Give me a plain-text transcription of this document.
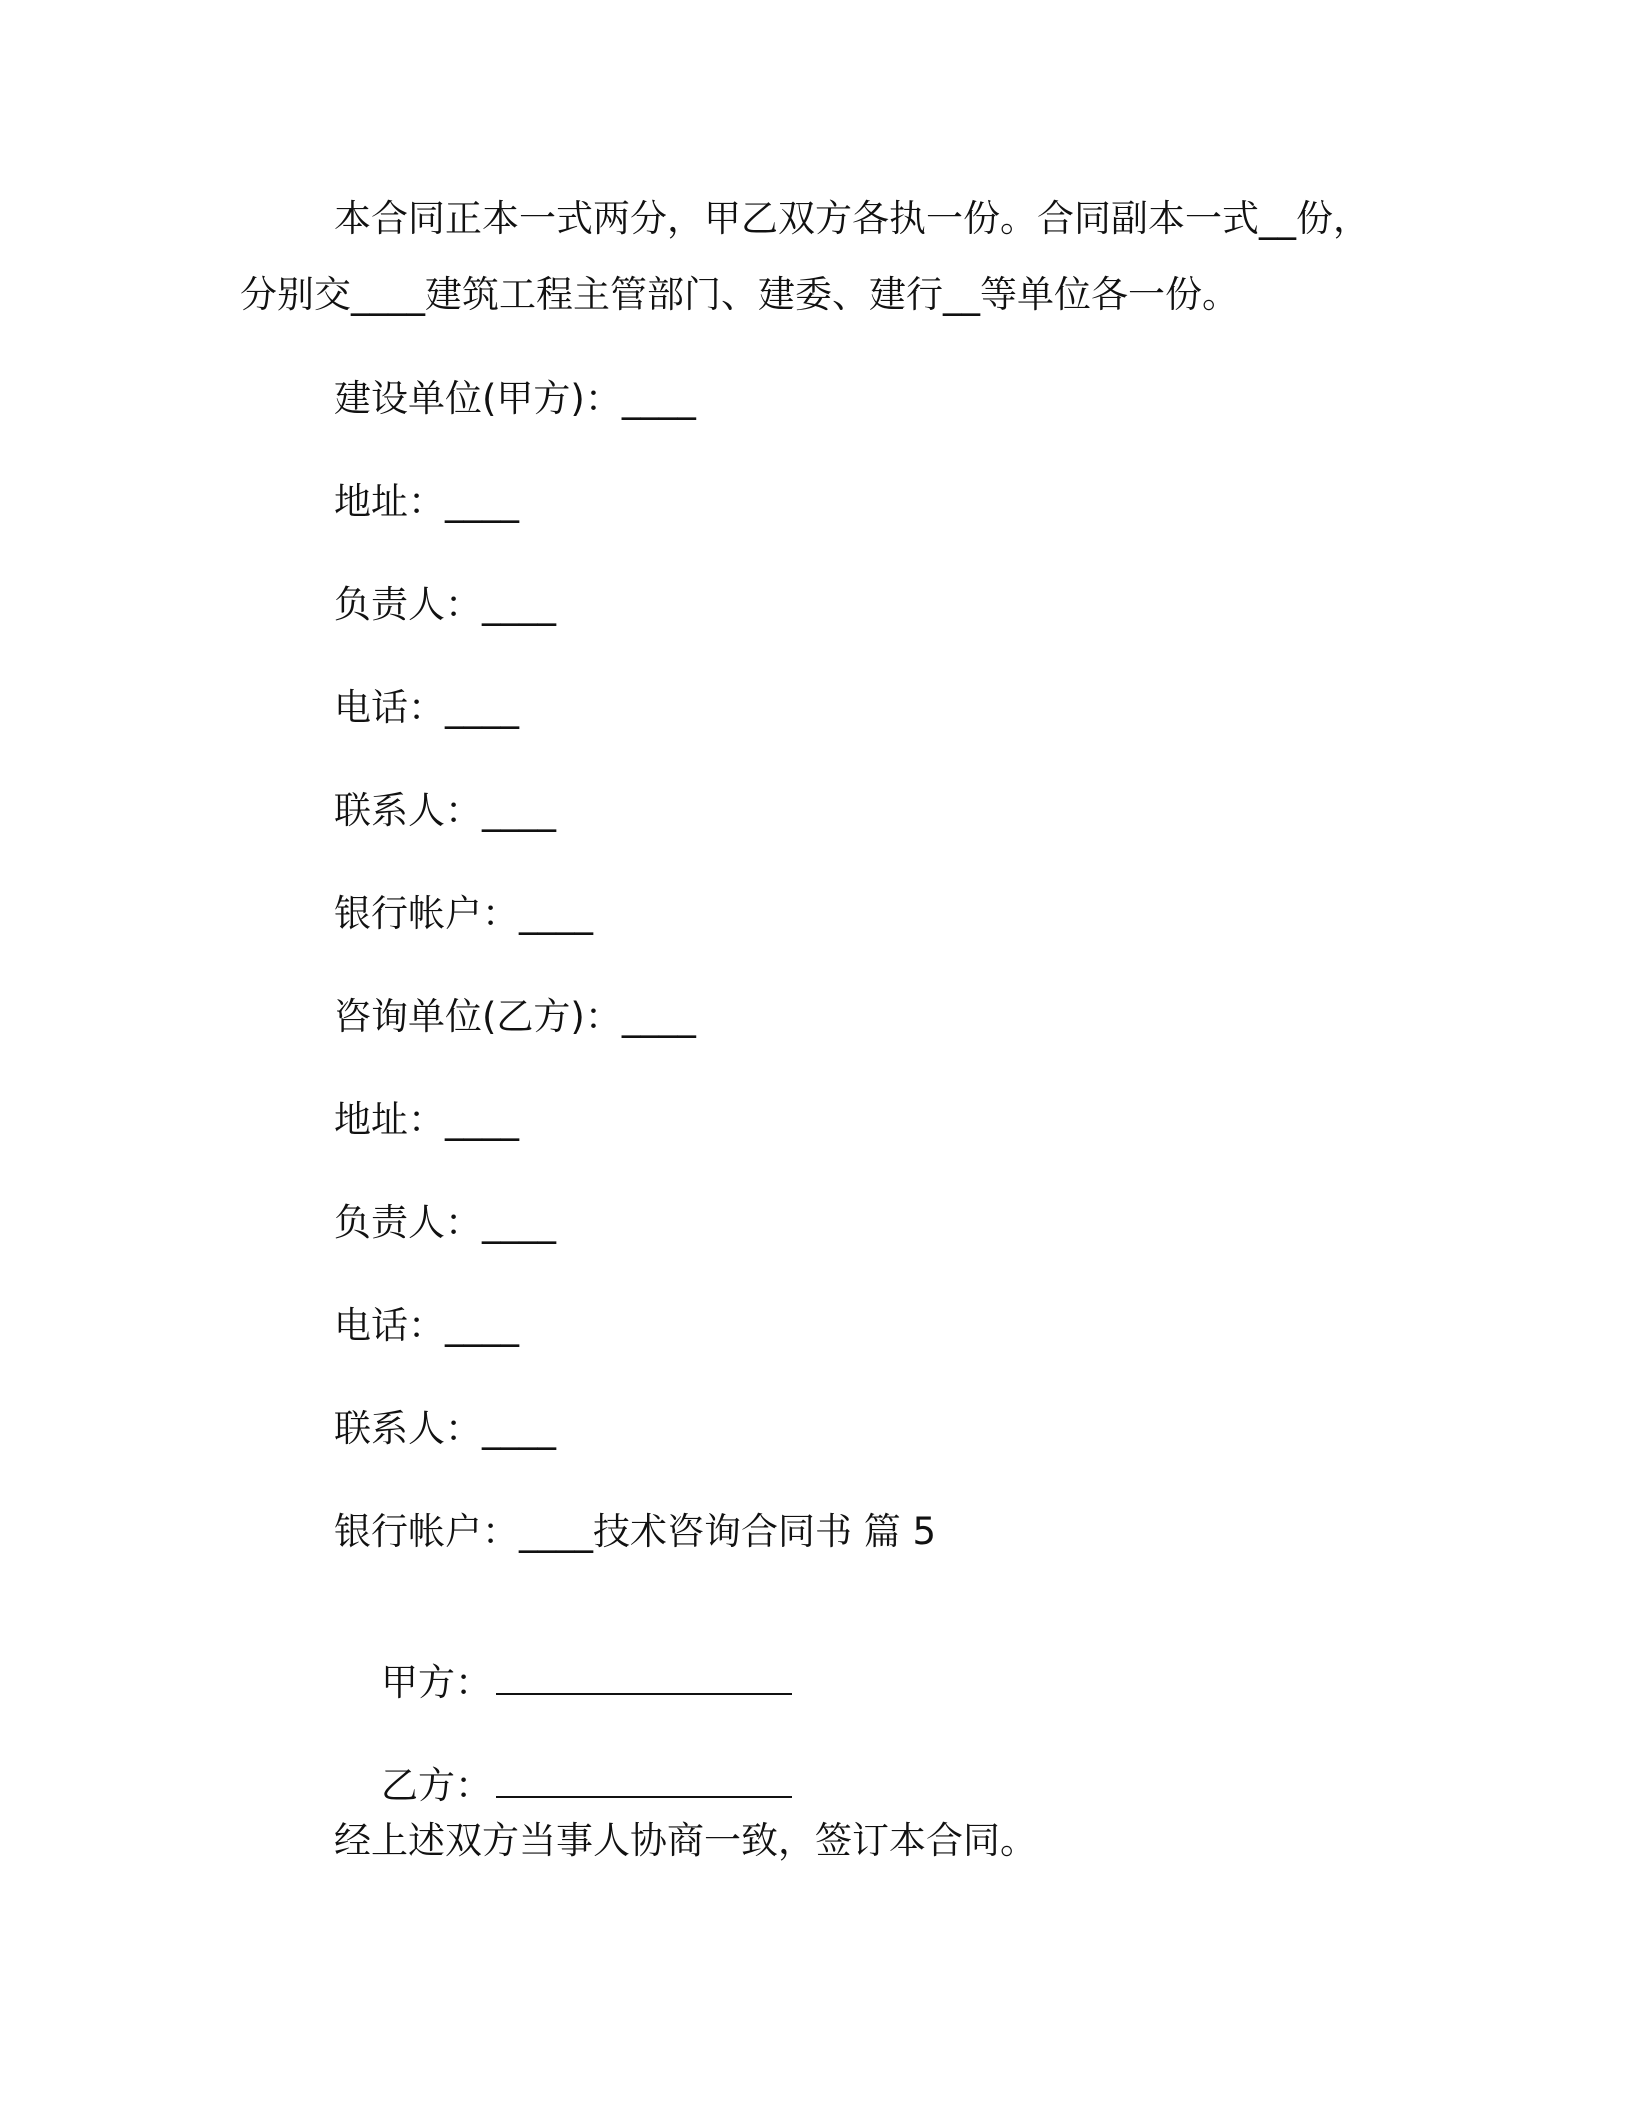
本合同正本一式两分，甲乙双方各执一份。合同副本一式__份，
分别交____建筑工程主管部门、建委、建行__等单位各一份。
建设单位(甲方)：____
地址：____
负责人：____
电话：____
联系人：____
银行帐户：____
咨询单位(乙方)：____
地址：____
负责人：____
电话：____
联系人：____
银行帐户：____技术咨询合同书 篇 5

甲方：

乙方：

经上述双方当事人协商一致，签订本合同。
